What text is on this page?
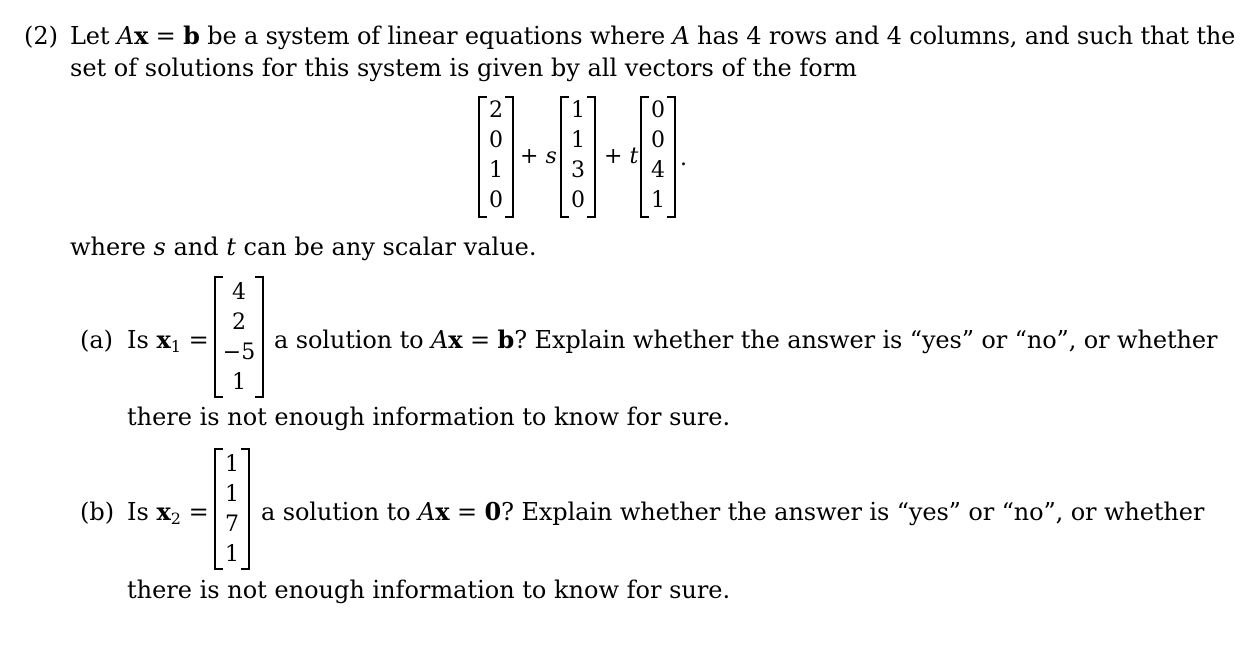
(2) Let Ax = b be a system of linear equations where A has 4 rows and 4 columns, and such that the
set of solutions for this system is given by all vectors of the form
2
0
1
0
+ s
1
1
3
0
+ t
0
0
4
1
.
where s and t can be any scalar value.
(a) Is $x_1$ =
4
2
−5
1
a solution to Ax = b? Explain whether the answer is “yes” or “no”, or whether
there is not enough information to know for sure.
(b) Is $x_2$ =
1
1
7
1
a solution to Ax = 0? Explain whether the answer is “yes” or “no”, or whether
there is not enough information to know for sure.
